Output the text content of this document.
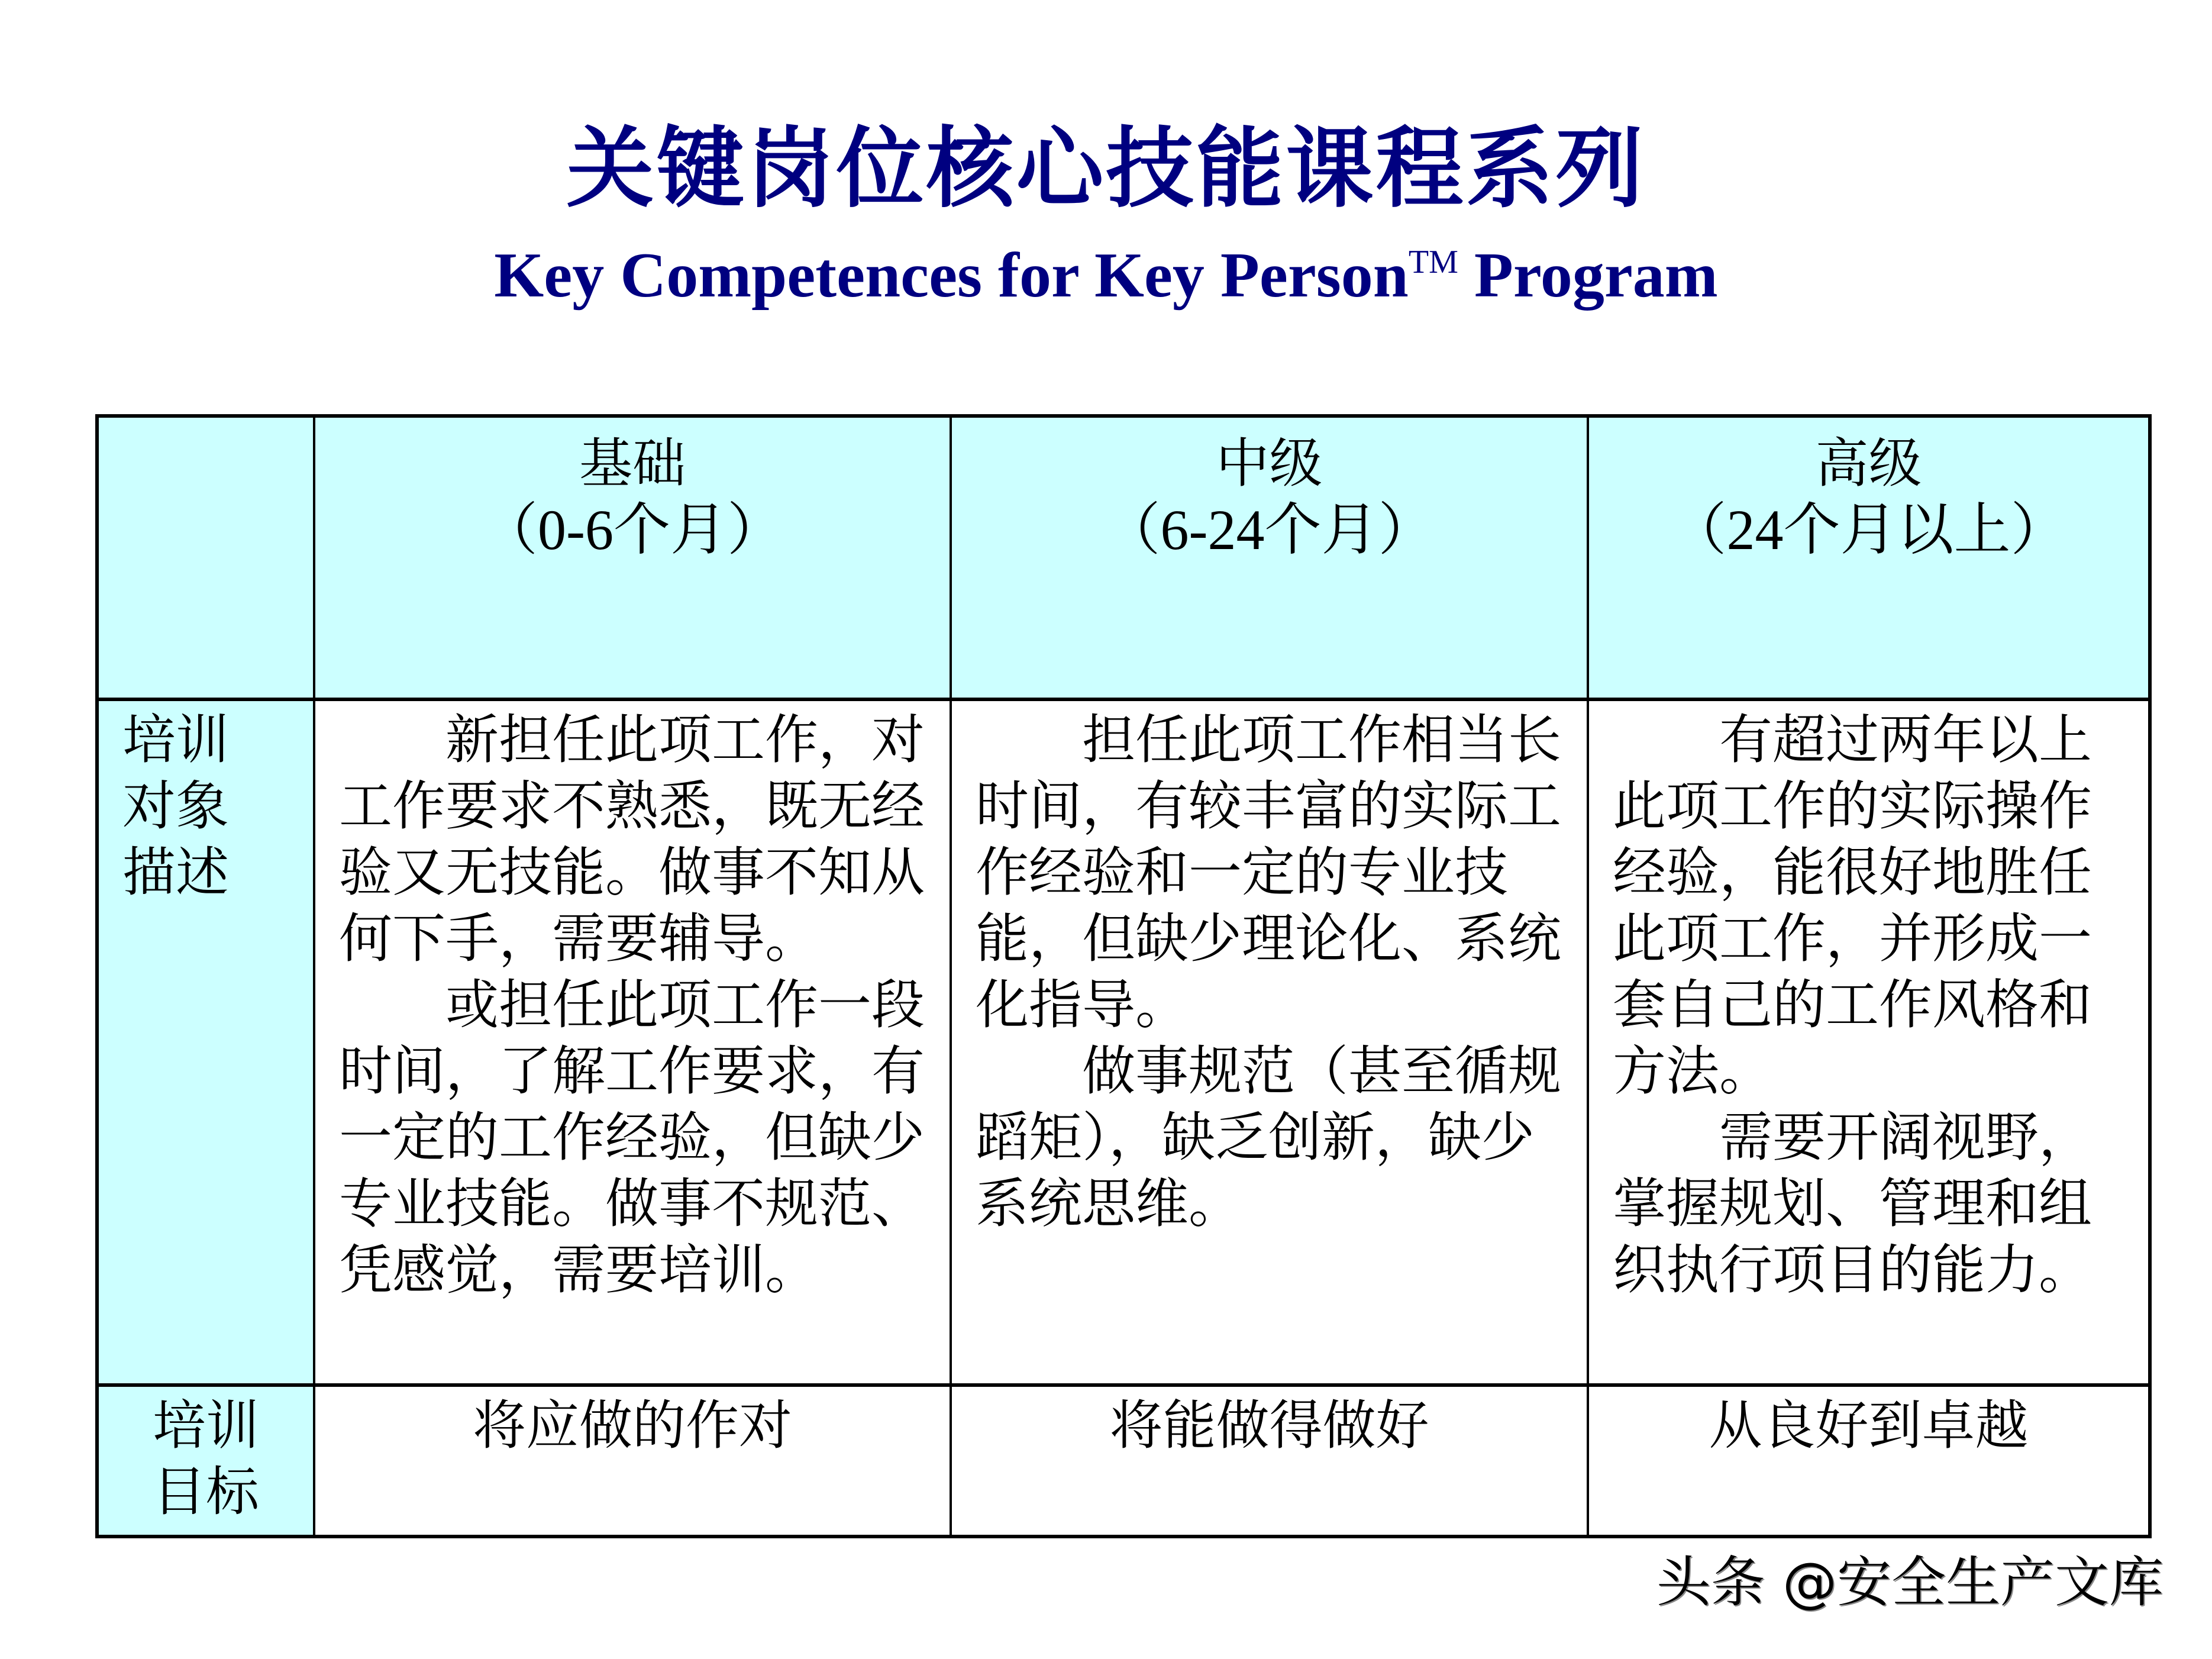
关键岗位核心技能课程系列
Key Competences for Key Person™ Program
基础
（0-6个月）
中级
（6-24个月）
高级
（24个月以上）
培训
对象
描述

新担任此项工作，对工作要求不熟悉，既无经验又无技能。做事不知从何下手，需要辅导。

或担任此项工作一段时间，了解工作要求，有一定的工作经验，但缺少专业技能。做事不规范、凭感觉，需要培训。

担任此项工作相当长时间，有较丰富的实际工作经验和一定的专业技能，但缺少理论化、系统化指导。

做事规范（甚至循规蹈矩），缺乏创新，缺少系统思维。

有超过两年以上此项工作的实际操作经验，能很好地胜任此项工作，并形成一套自己的工作风格和方法。

需要开阔视野，掌握规划、管理和组织执行项目的能力。

培训
目标
将应做的作对	将能做得做好	从良好到卓越
头条 @安全生产文库
